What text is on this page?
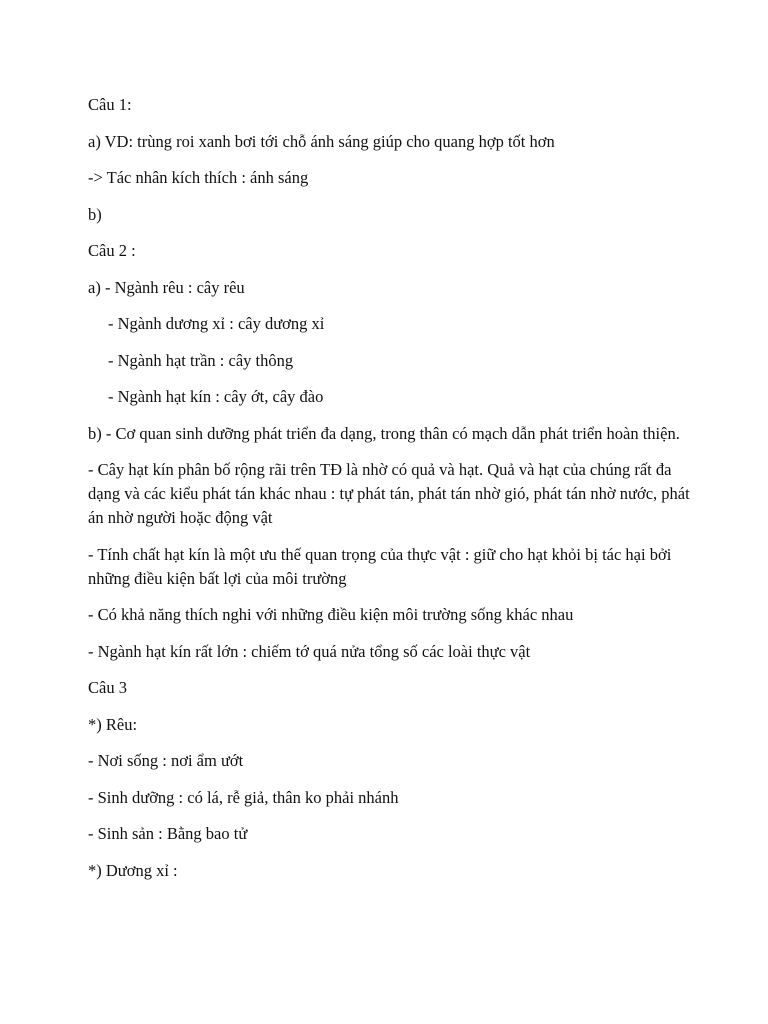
Câu 1:

a) VD: trùng roi xanh bơi tới chỗ ánh sáng giúp cho quang hợp tốt hơn

-> Tác nhân kích thích : ánh sáng

b)

Câu 2 :

a) - Ngành rêu : cây rêu

- Ngành dương xỉ : cây dương xỉ

- Ngành hạt trần : cây thông

- Ngành hạt kín : cây ớt, cây đào

b) - Cơ quan sinh dưỡng phát triển đa dạng, trong thân có mạch dẫn phát triển hoàn thiện.

- Cây hạt kín phân bố rộng rãi trên TĐ là nhờ có quả và hạt. Quả và hạt của chúng rất đa dạng và các kiểu phát tán khác nhau : tự phát tán, phát tán nhờ gió, phát tán nhờ nước, phát án nhờ người hoặc động vật

- Tính chất hạt kín là một ưu thế quan trọng của thực vật : giữ cho hạt khỏi bị tác hại bởi những điều kiện bất lợi của môi trường

- Có khả năng thích nghi với những điều kiện môi trường sống khác nhau

- Ngành hạt kín rất lớn : chiếm tớ quá nửa tổng số các loài thực vật

Câu 3

*) Rêu:

- Nơi sống : nơi ẩm ướt

- Sinh dưỡng : có lá, rễ giả, thân ko phải nhánh

- Sinh sản : Bằng bao tử

*) Dương xỉ :
